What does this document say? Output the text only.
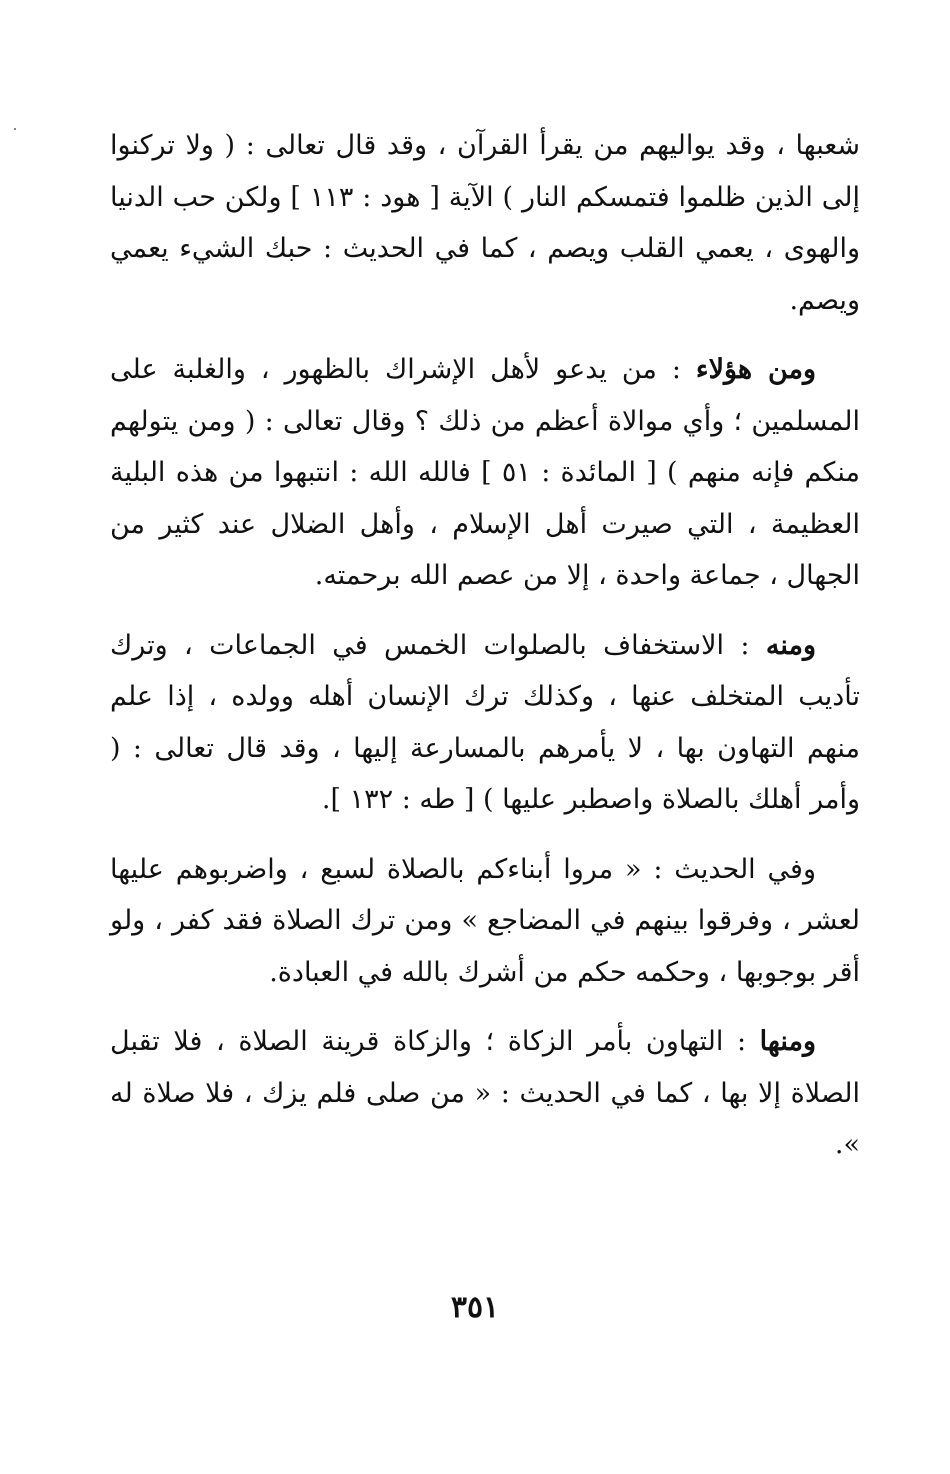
شعبها ، وقد يواليهم من يقرأ القرآن ، وقد قال تعالى : ( ولا تركنوا إلى الذين ظلموا فتمسكم النار ) الآية [ هود : ١١٣ ] ولكن حب الدنيا والهوى ، يعمي القلب ويصم ، كما في الحديث : حبك الشيء يعمي ويصم.

ومن هؤلاء : من يدعو لأهل الإشراك بالظهور ، والغلبة على المسلمين ؛ وأي موالاة أعظم من ذلك ؟ وقال تعالى : ( ومن يتولهم منكم فإنه منهم ) [ المائدة : ٥١ ] فالله الله : انتبهوا من هذه البلية العظيمة ، التي صيرت أهل الإسلام ، وأهل الضلال عند كثير من الجهال ، جماعة واحدة ، إلا من عصم الله برحمته.

ومنه : الاستخفاف بالصلوات الخمس في الجماعات ، وترك تأديب المتخلف عنها ، وكذلك ترك الإنسان أهله وولده ، إذا علم منهم التهاون بها ، لا يأمرهم بالمسارعة إليها ، وقد قال تعالى : ( وأمر أهلك بالصلاة واصطبر عليها ) [ طه : ١٣٢ ].

وفي الحديث : « مروا أبناءكم بالصلاة لسبع ، واضربوهم عليها لعشر ، وفرقوا بينهم في المضاجع » ومن ترك الصلاة فقد كفر ، ولو أقر بوجوبها ، وحكمه حكم من أشرك بالله في العبادة.

ومنها : التهاون بأمر الزكاة ؛ والزكاة قرينة الصلاة ، فلا تقبل الصلاة إلا بها ، كما في الحديث : « من صلى فلم يزك ، فلا صلاة له ».

٣٥١
